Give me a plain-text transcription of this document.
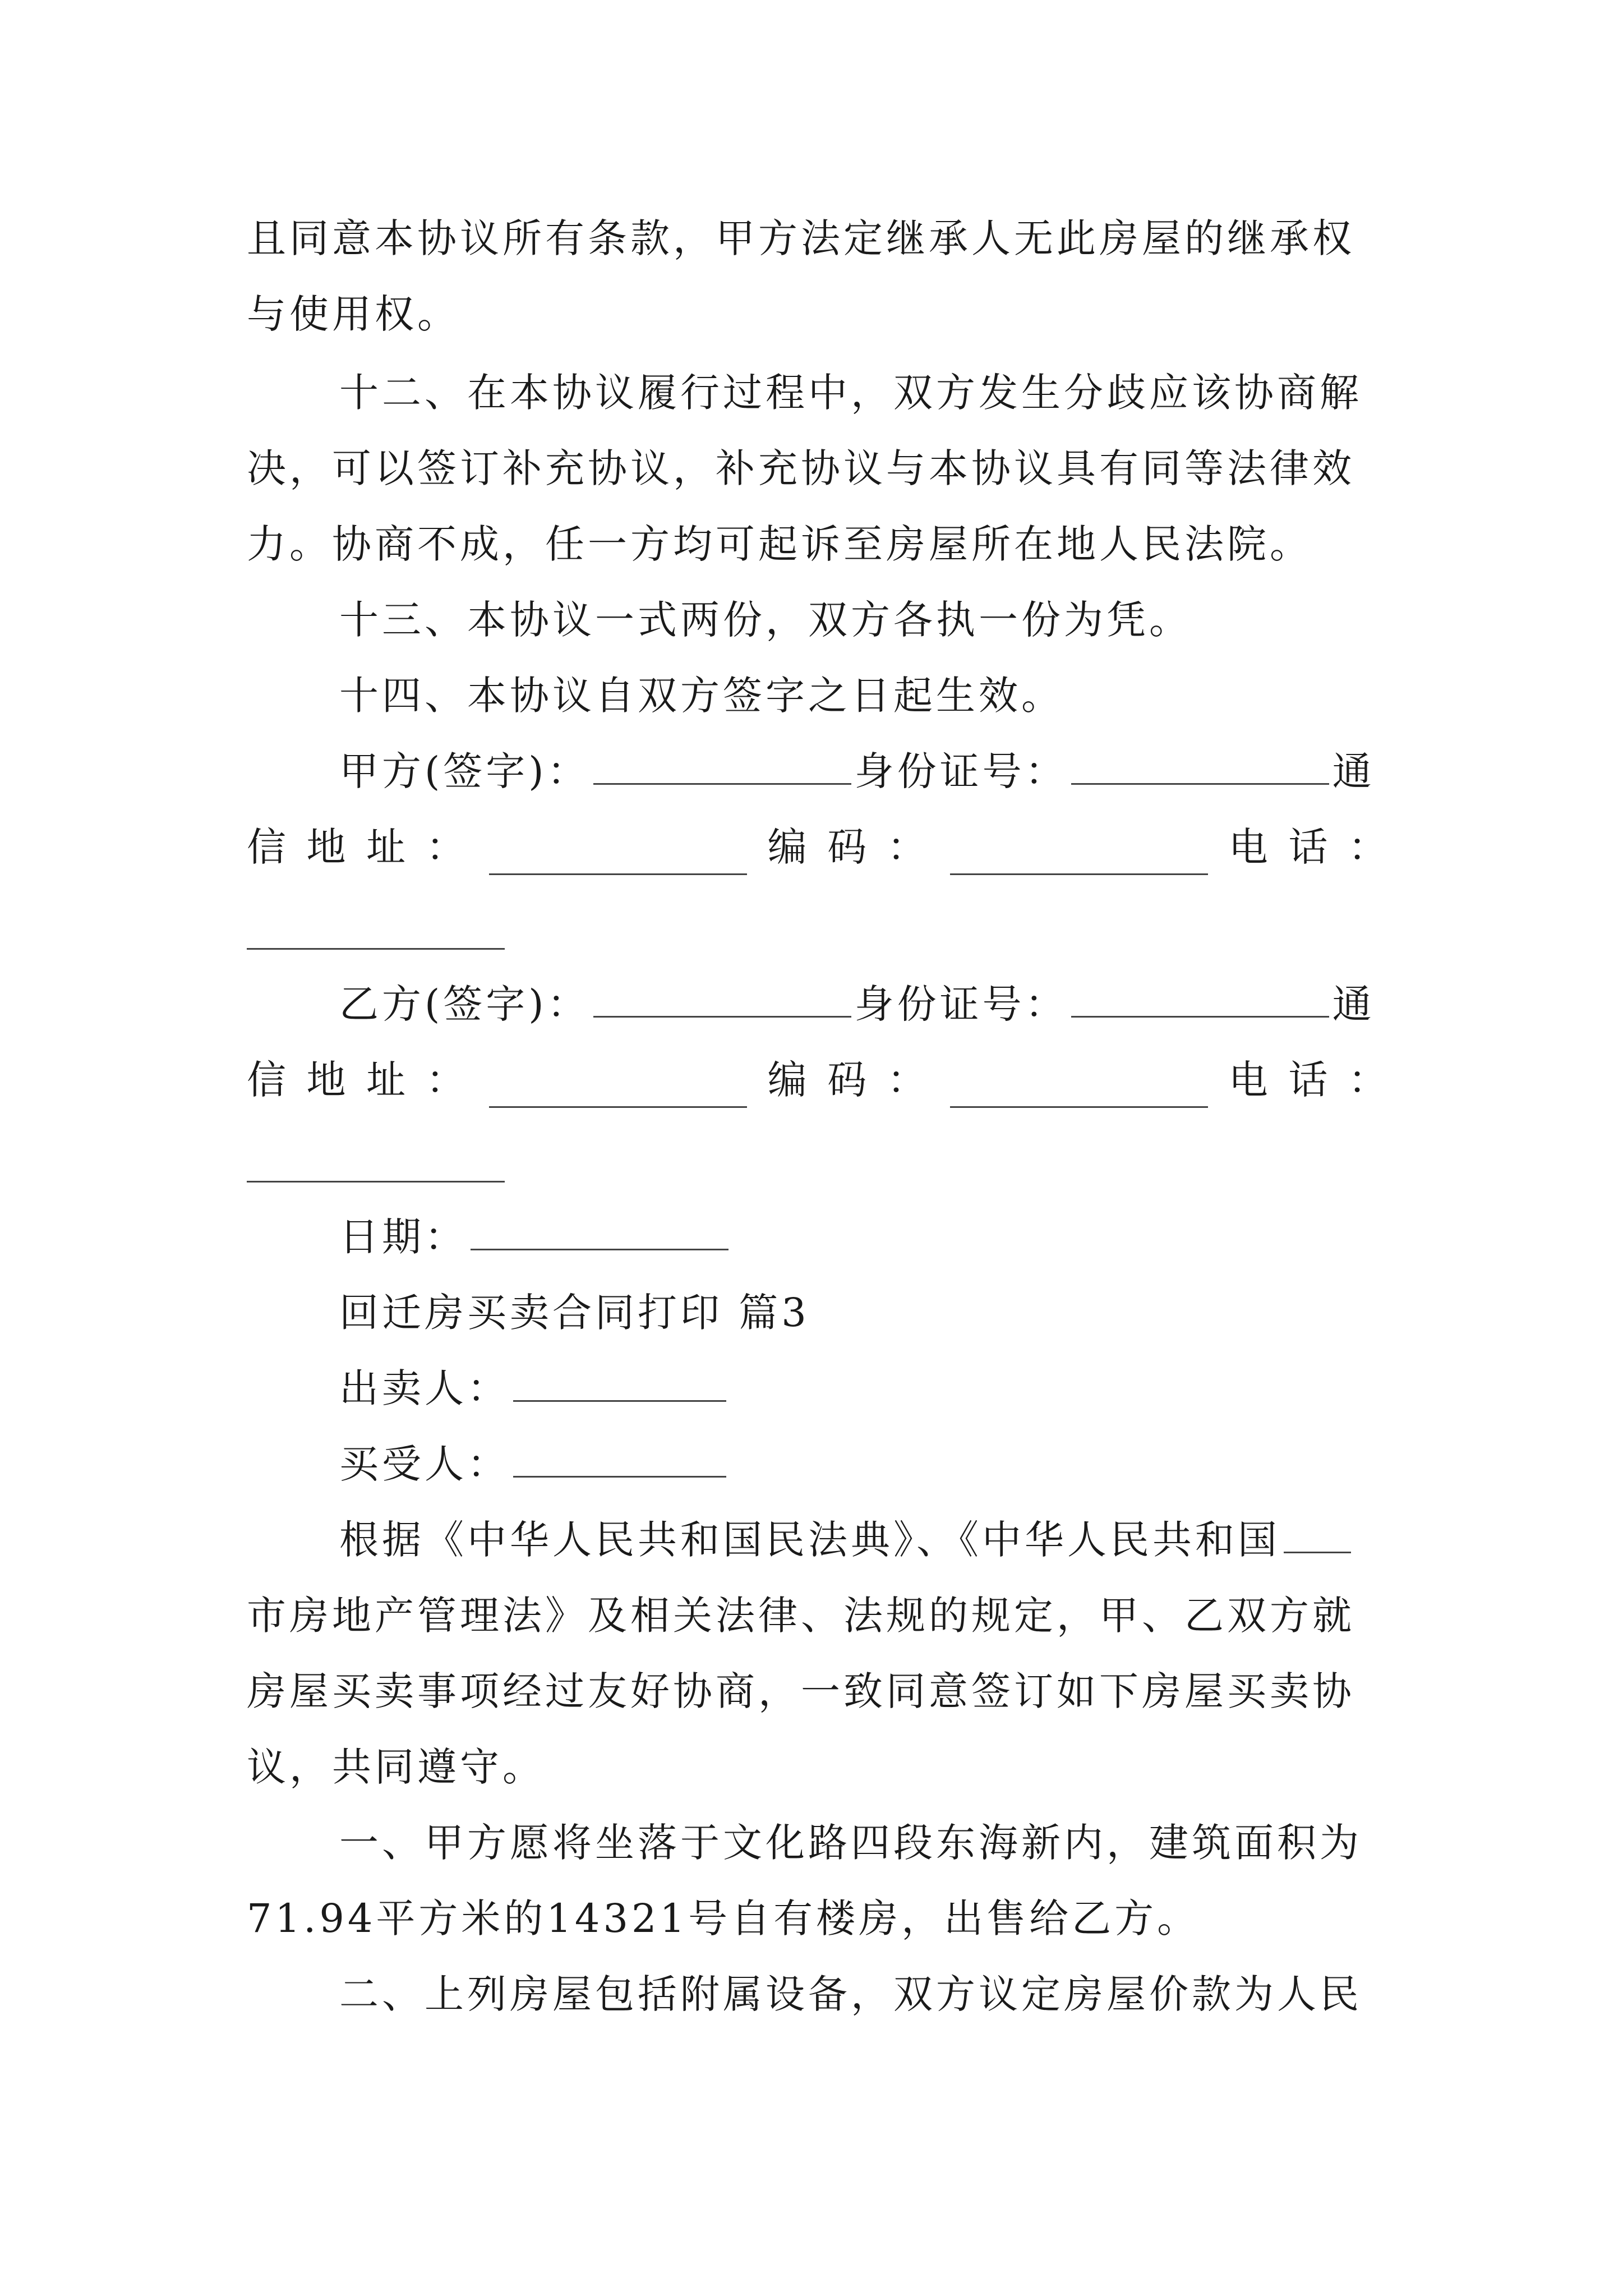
且同意本协议所有条款，甲方法定继承人无此房屋的继承权
与使用权。
十二、在本协议履行过程中，双方发生分歧应该协商解
决，可以签订补充协议，补充协议与本协议具有同等法律效
力。协商不成，任一方均可起诉至房屋所在地人民法院。
十三、本协议一式两份，双方各执一份为凭。
十四、本协议自双方签字之日起生效。
甲方(签字)：	身份证号：	通
信 地 址 ：	编 码 ：	电 话 ：
乙方(签字)：	身份证号：	通
信 地 址 ：	编 码 ：	电 话 ：
日期：
回迁房买卖合同打印 篇3
出卖人：
买受人：
根据《中华人民共和国民法典》、《中华人民共和国
市房地产管理法》及相关法律、法规的规定，甲、乙双方就
房屋买卖事项经过友好协商，一致同意签订如下房屋买卖协
议，共同遵守。
一、甲方愿将坐落于文化路四段东海新内，建筑面积为
71.94平方米的14321号自有楼房，出售给乙方。
二、上列房屋包括附属设备，双方议定房屋价款为人民
